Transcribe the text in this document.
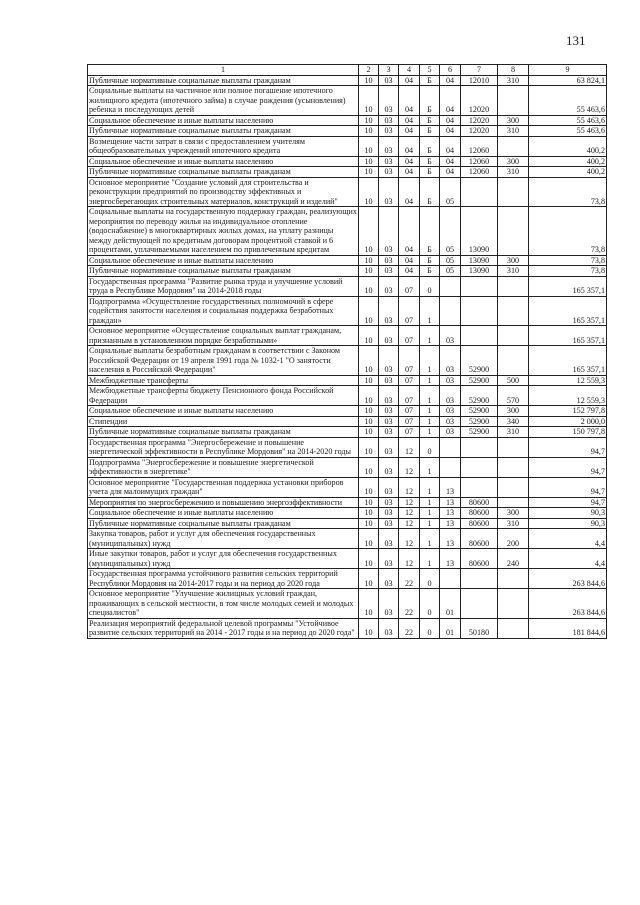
131
1	2	3	4	5	6	7	8	9
Публичные нормативные социальные выплаты гражданам	10	03	04	Б	04	12010	310	63 824,1
Социальные выплаты на частичное или полное погашение ипотечного жилищного кредита (ипотечного займа) в случае рождения (усыновления) ребенка и последующих детей	10	03	04	Б	04	12020		55 463,6
Социальное обеспечение и иные выплаты населению	10	03	04	Б	04	12020	300	55 463,6
Публичные нормативные социальные выплаты гражданам	10	03	04	Б	04	12020	310	55 463,6
Возмещение части затрат в связи с предоставлением учителям общеобразовательных учреждений ипотечного кредита	10	03	04	Б	04	12060		400,2
Социальное обеспечение и иные выплаты населению	10	03	04	Б	04	12060	300	400,2
Публичные нормативные социальные выплаты гражданам	10	03	04	Б	04	12060	310	400,2
Основное мероприятие "Создание условий для строительства и реконструкции предприятий по производству эффективных и энергосберегающих строительных материалов, конструкций и изделий"	10	03	04	Б	05			73,8
Социальные выплаты на государственную поддержку граждан, реализующих мероприятия по переводу жилья на индивидуальное отопление (водоснабжение) в многоквартирных жилых домах, на уплату разницы между действующей по кредитным договорам процентной ставкой и 6 процентами, уплачиваемыми населением по привлеченным кредитам	10	03	04	Б	05	13090		73,8
Социальное обеспечение и иные выплаты населению	10	03	04	Б	05	13090	300	73,8
Публичные нормативные социальные выплаты гражданам	10	03	04	Б	05	13090	310	73,8
Государственная программа "Развитие рынка труда и улучшение условий труда в Республике Мордовия" на 2014-2018 годы	10	03	07	0				165 357,1
Подпрограмма «Осуществление государственных полномочий в сфере содействия занятости населения и социальная поддержка безработных граждан»	10	03	07	1				165 357,1
Основное мероприятие «Осуществление социальных выплат гражданам, признанным в установленном порядке безработными»	10	03	07	1	03			165 357,1
Социальные выплаты безработным гражданам в соответствии с Законом Российской Федерации от 19 апреля 1991 года № 1032-1 "О занятости населения в Российской Федерации"	10	03	07	1	03	52900		165 357,1
Межбюджетные трансферты	10	03	07	1	03	52900	500	12 559,3
Межбюджетные трансферты бюджету Пенсионного фонда Российской Федерации	10	03	07	1	03	52900	570	12 559,3
Социальное обеспечение и иные выплаты населению	10	03	07	1	03	52900	300	152 797,8
Стипендии	10	03	07	1	03	52900	340	2 000,0
Публичные нормативные социальные выплаты гражданам	10	03	07	1	03	52900	310	150 797,8
Государственная программа "Энергосбережение и повышение энергетической эффективности в Республике Мордовия" на 2014-2020 годы	10	03	12	0				94,7
Подпрограмма "Энергосбережение и повышение энергетической эффективности в энергетике"	10	03	12	1				94,7
Основное мероприятие "Государственная поддержка установки приборов учета для малоимущих граждан"	10	03	12	1	13			94,7
Мероприятия по энергосбережению и повышению энергоэффективности	10	03	12	1	13	80600		94,7
Социальное обеспечение и иные выплаты населению	10	03	12	1	13	80600	300	90,3
Публичные нормативные социальные выплаты гражданам	10	03	12	1	13	80600	310	90,3
Закупка товаров, работ и услуг для обеспечения государственных (муниципальных) нужд	10	03	12	1	13	80600	200	4,4
Иные закупки товаров, работ и услуг для обеспечения государственных (муниципальных) нужд	10	03	12	1	13	80600	240	4,4
Государственная программа устойчивого развития сельских территорий Республики Мордовия на 2014-2017 годы и на период до 2020 года	10	03	22	0				263 844,6
Основное мероприятие "Улучшение жилищных условий граждан, проживающих в сельской местности, в том числе молодых семей и молодых специалистов"	10	03	22	0	01			263 844,6
Реализация мероприятий федеральной целевой программы "Устойчивое развитие сельских территорий на 2014 - 2017 годы и на период до 2020 года"	10	03	22	0	01	50180		181 844,6
